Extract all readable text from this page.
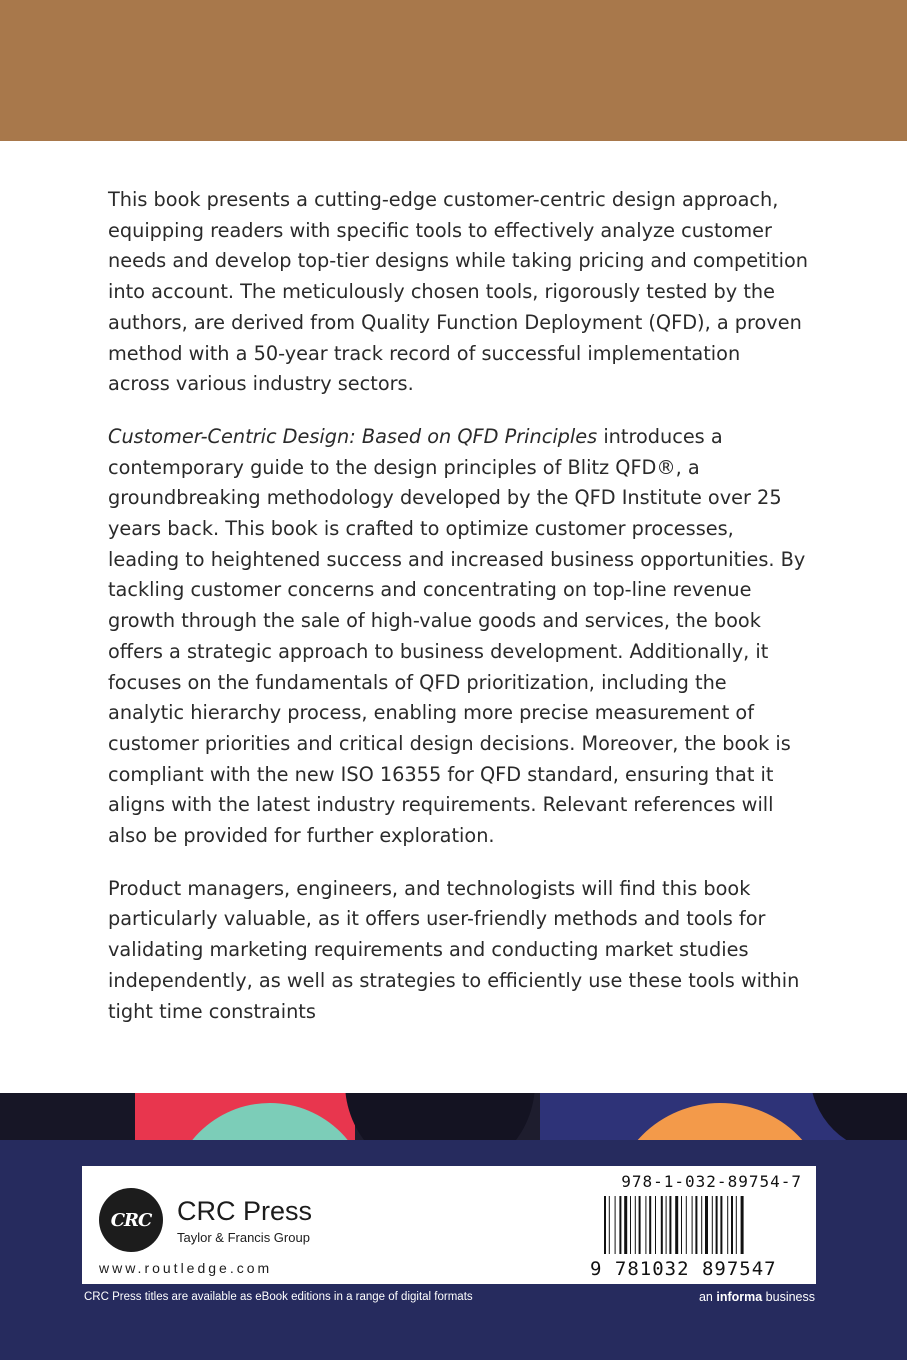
This book presents a cutting-edge customer-centric design approach, equipping readers with specific tools to effectively analyze customer needs and develop top-tier designs while taking pricing and competition into account. The meticulously chosen tools, rigorously tested by the authors, are derived from Quality Function Deployment (QFD), a proven method with a 50-year track record of successful implementation across various industry sectors.

Customer-Centric Design: Based on QFD Principles introduces a contemporary guide to the design principles of Blitz QFD®, a groundbreaking methodology developed by the QFD Institute over 25 years back. This book is crafted to optimize customer processes, leading to heightened success and increased business opportunities. By tackling customer concerns and concentrating on top-line revenue growth through the sale of high-value goods and services, the book offers a strategic approach to business development. Additionally, it focuses on the fundamentals of QFD prioritization, including the analytic hierarchy process, enabling more precise measurement of customer priorities and critical design decisions. Moreover, the book is compliant with the new ISO 16355 for QFD standard, ensuring that it aligns with the latest industry requirements. Relevant references will also be provided for further exploration.

Product managers, engineers, and technologists will find this book particularly valuable, as it offers user-friendly methods and tools for validating marketing requirements and conducting market studies independently, as well as strategies to efficiently use these tools within tight time constraints

CRC CRC Press
Taylor & Francis Group
www.routledge.com
978-1-032-89754-7
9 781032 897547
CRC Press titles are available as eBook editions in a range of digital formats	an informa business
